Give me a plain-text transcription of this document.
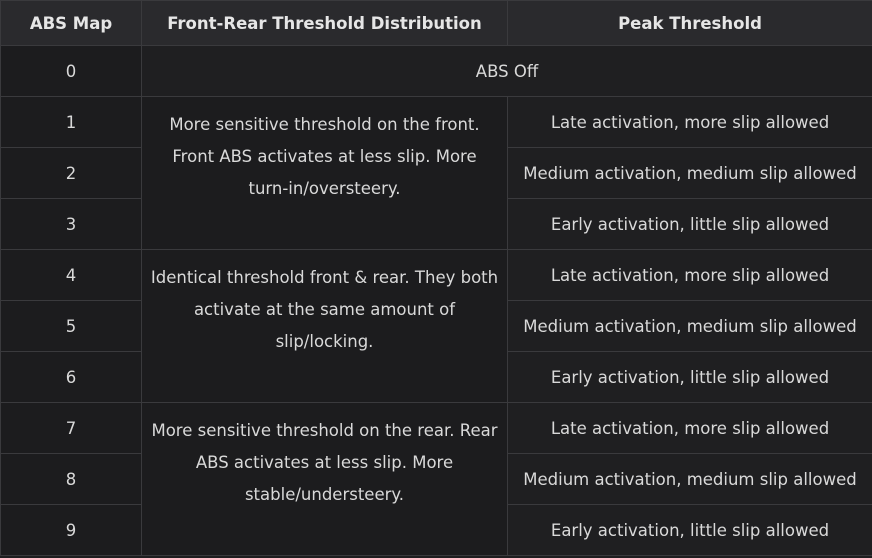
ABS Map	Front-Rear Threshold Distribution	Peak Threshold
0	ABS Off	
1	More sensitive threshold on the front. Front ABS activates at less slip. More turn-in/oversteery.	Late activation, more slip allowed
2		Medium activation, medium slip allowed
3		Early activation, little slip allowed
4	Identical threshold front & rear. They both activate at the same amount of slip/locking.	Late activation, more slip allowed
5		Medium activation, medium slip allowed
6		Early activation, little slip allowed
7	More sensitive threshold on the rear. Rear ABS activates at less slip. More stable/understeery.	Late activation, more slip allowed
8		Medium activation, medium slip allowed
9		Early activation, little slip allowed
